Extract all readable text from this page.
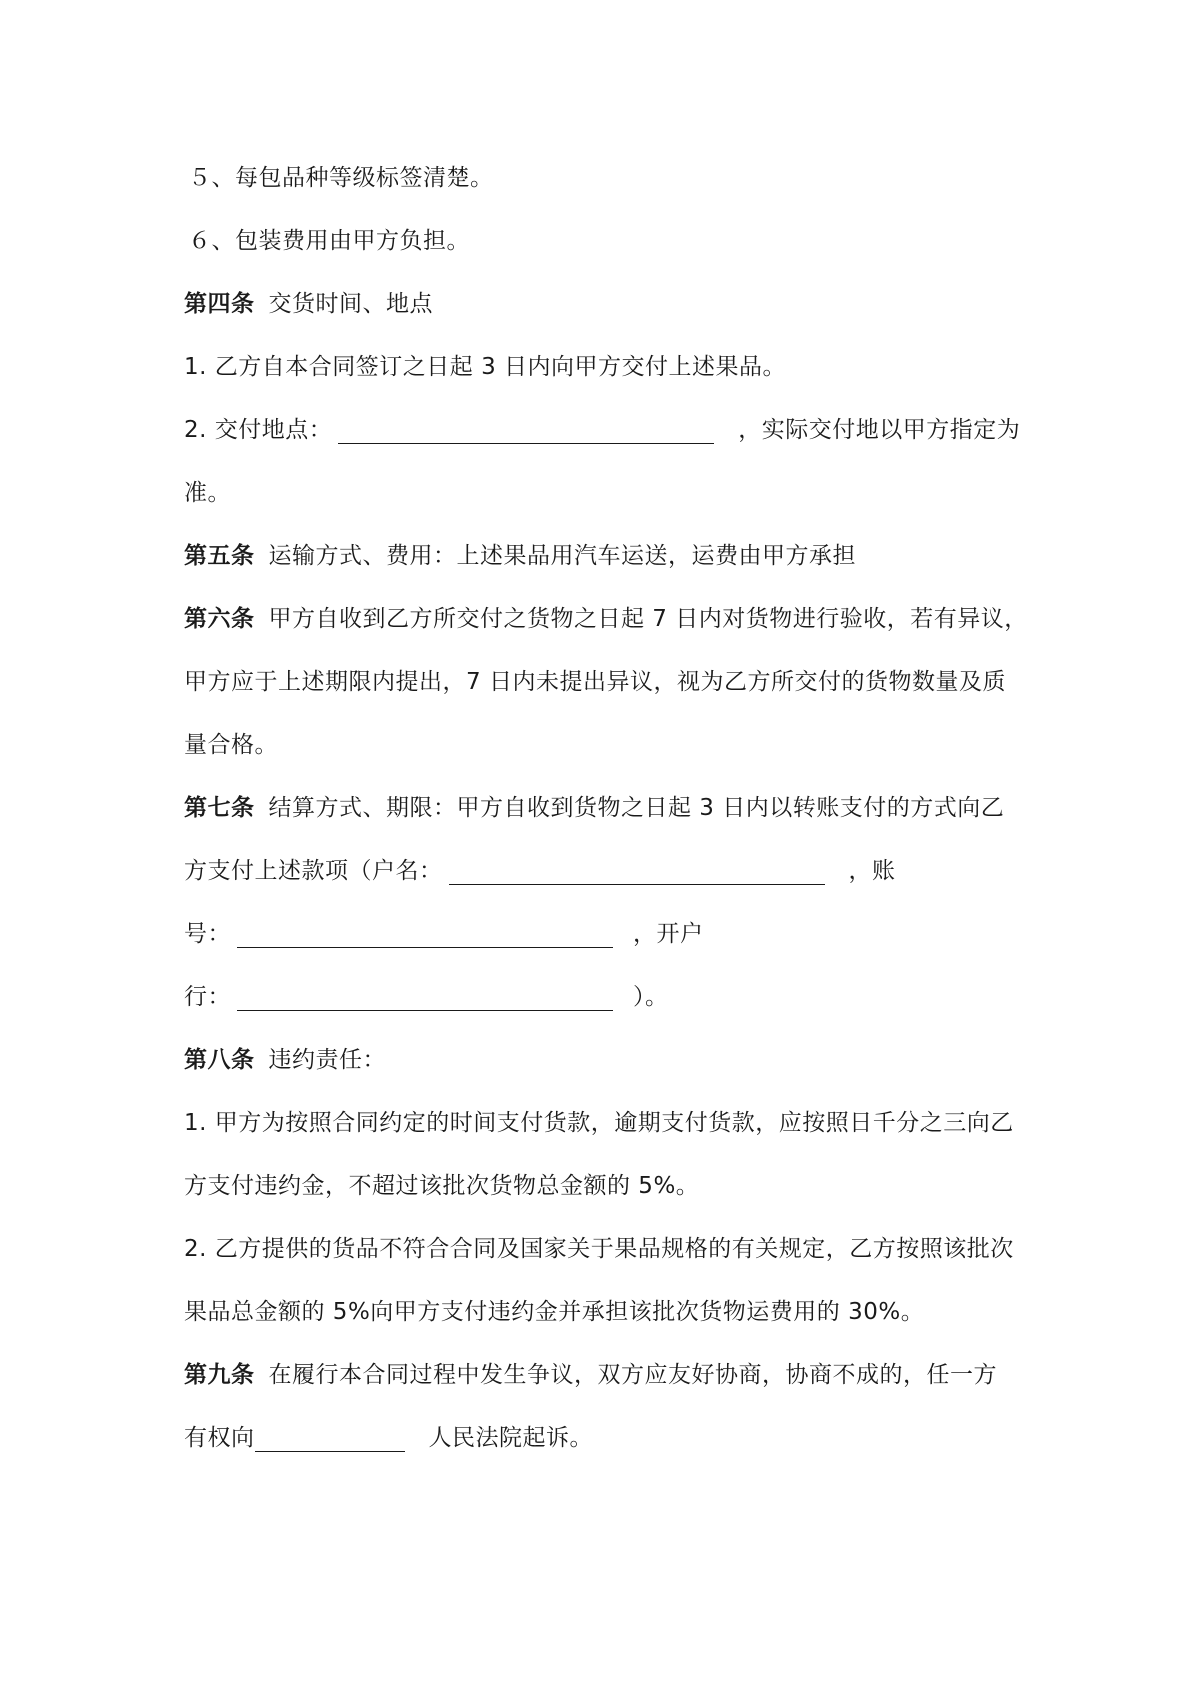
５、每包品种等级标签清楚。
６、包装费用由甲方负担。
第四条 交货时间、地点
1. 乙方自本合同签订之日起 3 日内向甲方交付上述果品。
2. 交付地点：	，实际交付地以甲方指定为
准。
第五条 运输方式、费用：上述果品用汽车运送，运费由甲方承担
第六条 甲方自收到乙方所交付之货物之日起 7 日内对货物进行验收，若有异议，
甲方应于上述期限内提出，7 日内未提出异议，视为乙方所交付的货物数量及质
量合格。
第七条 结算方式、期限：甲方自收到货物之日起 3 日内以转账支付的方式向乙
方支付上述款项（户名：	，账
号：	，开户
行：	）。
第八条 违约责任：
1. 甲方为按照合同约定的时间支付货款，逾期支付货款，应按照日千分之三向乙
方支付违约金，不超过该批次货物总金额的 5%。
2. 乙方提供的货品不符合合同及国家关于果品规格的有关规定，乙方按照该批次
果品总金额的 5%向甲方支付违约金并承担该批次货物运费用的 30%。
第九条 在履行本合同过程中发生争议，双方应友好协商，协商不成的，任一方
有权向	人民法院起诉。
